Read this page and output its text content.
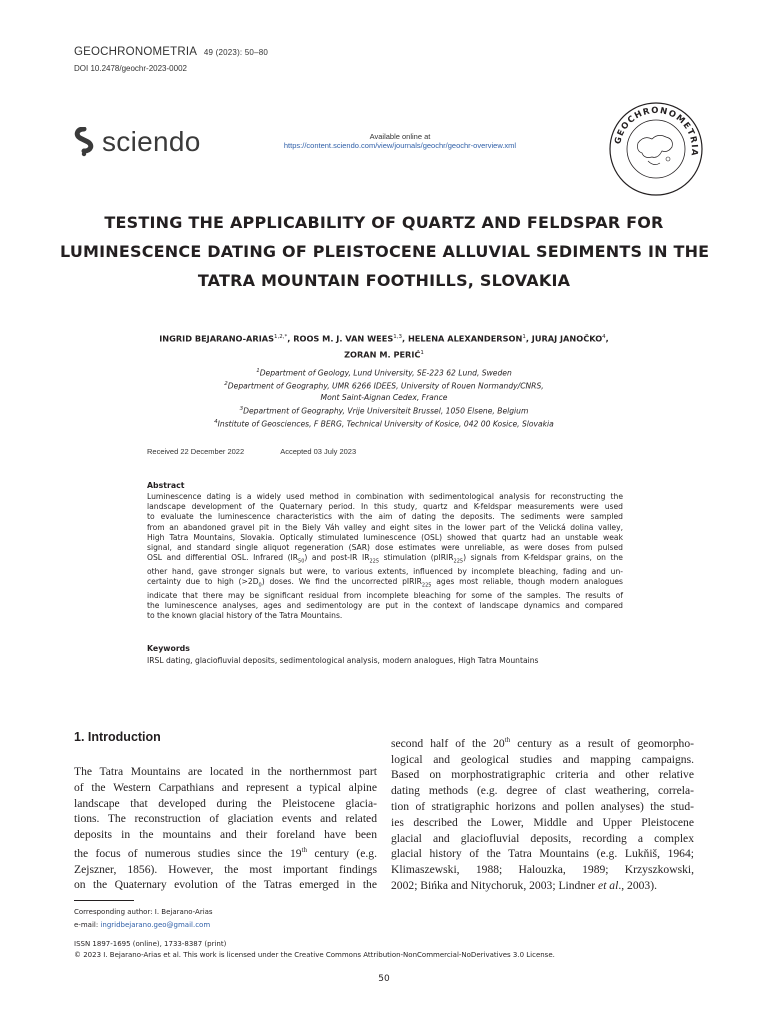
GEOCHRONOMETRIA 49 (2023): 50–80
DOI 10.2478/geochr-2023-0002
sciendo	Available online at
https://content.sciendo.com/view/journals/geochr/geochr-overview.xml
GEOCHRONOMETRIA
TESTING THE APPLICABILITY OF QUARTZ AND FELDSPAR FOR
LUMINESCENCE DATING OF PLEISTOCENE ALLUVIAL SEDIMENTS IN THE
TATRA MOUNTAIN FOOTHILLS, SLOVAKIA
INGRID BEJARANO-$ARIAS^{1,2,*}$, ROOS M. J. VAN WEES$^{1,3}$, HELENA ALEXANDERSON$^1$, JURAJ JANOČKO$^4$,
ZORAN M. PERIĆ$^1$
$^1$Department of Geology, Lund University, SE-223 62 Lund, Sweden
$^2$Department of Geography, UMR 6266 IDEES, University of Rouen Normandy/CNRS,
Mont Saint-Aignan Cedex, France
$^3$Department of Geography, Vrije Universiteit Brussel, 1050 Elsene, Belgium
$^4$Institute of Geosciences, F BERG, Technical University of Kosice, 042 00 Kosice, Slovakia
Received 22 December 2022	Accepted 03 July 2023
Abstract
Luminescence dating is a widely used method in combination with sedimentological analysis for reconstructing the
landscape development of the Quaternary period. In this study, quartz and K-feldspar measurements were used
to evaluate the luminescence characteristics with the aim of dating the deposits. The sediments were sampled
from an abandoned gravel pit in the Biely Váh valley and eight sites in the lower part of the Velická dolina valley,
High Tatra Mountains, Slovakia. Optically stimulated luminescence (OSL) showed that quartz had an unstable weak
signal, and standard single aliquot regeneration (SAR) dose estimates were unreliable, as were doses from pulsed
OSL and differential OSL. Infrared $(IR_{50})$ and post-IR $IR_{225}$ stimulation (pIRIR$_{225}$) signals from K-feldspar grains, on the
other hand, gave stronger signals but were, to various extents, influenced by incomplete bleaching, fading and un-
certainty due to high $(>2D_0)$ doses. We find the uncorrected pIRIR$_{225}$ ages most reliable, though modern analogues
indicate that there may be significant residual from incomplete bleaching for some of the samples. The results of
the luminescence analyses, ages and sedimentology are put in the context of landscape dynamics and compared
to the known glacial history of the Tatra Mountains.
Keywords
IRSL dating, glaciofluvial deposits, sedimentological analysis, modern analogues, High Tatra Mountains
1. Introduction
The Tatra Mountains are located in the northernmost part
of the Western Carpathians and represent a typical alpine
landscape that developed during the Pleistocene glacia-
tions. The reconstruction of glaciation events and related
deposits in the mountains and their foreland have been
the focus of numerous studies since the 19th century (e.g.
Zejszner, 1856). However, the most important findings
on the Quaternary evolution of the Tatras emerged in the
second half of the 20th century as a result of geomorpho-
logical and geological studies and mapping campaigns.
Based on morphostratigraphic criteria and other relative
dating methods (e.g. degree of clast weathering, correla-
tion of stratigraphic horizons and pollen analyses) the stud-
ies described the Lower, Middle and Upper Pleistocene
glacial and glaciofluvial deposits, recording a complex
glacial history of the Tatra Mountains (e.g. Lukňiš, 1964;
Klimaszewski, 1988; Halouzka, 1989; Krzyszkowski,
2002; Bińka and Nitychoruk, 2003; Lindner et al., 2003).
Corresponding author: I. Bejarano-Arias
e-mail: ingridbejarano.geo@gmail.com
ISSN 1897-1695 (online), 1733-8387 (print)
© 2023 I. Bejarano-Arias et al. This work is licensed under the Creative Commons Attribution-NonCommercial-NoDerivatives 3.0 License.
50
